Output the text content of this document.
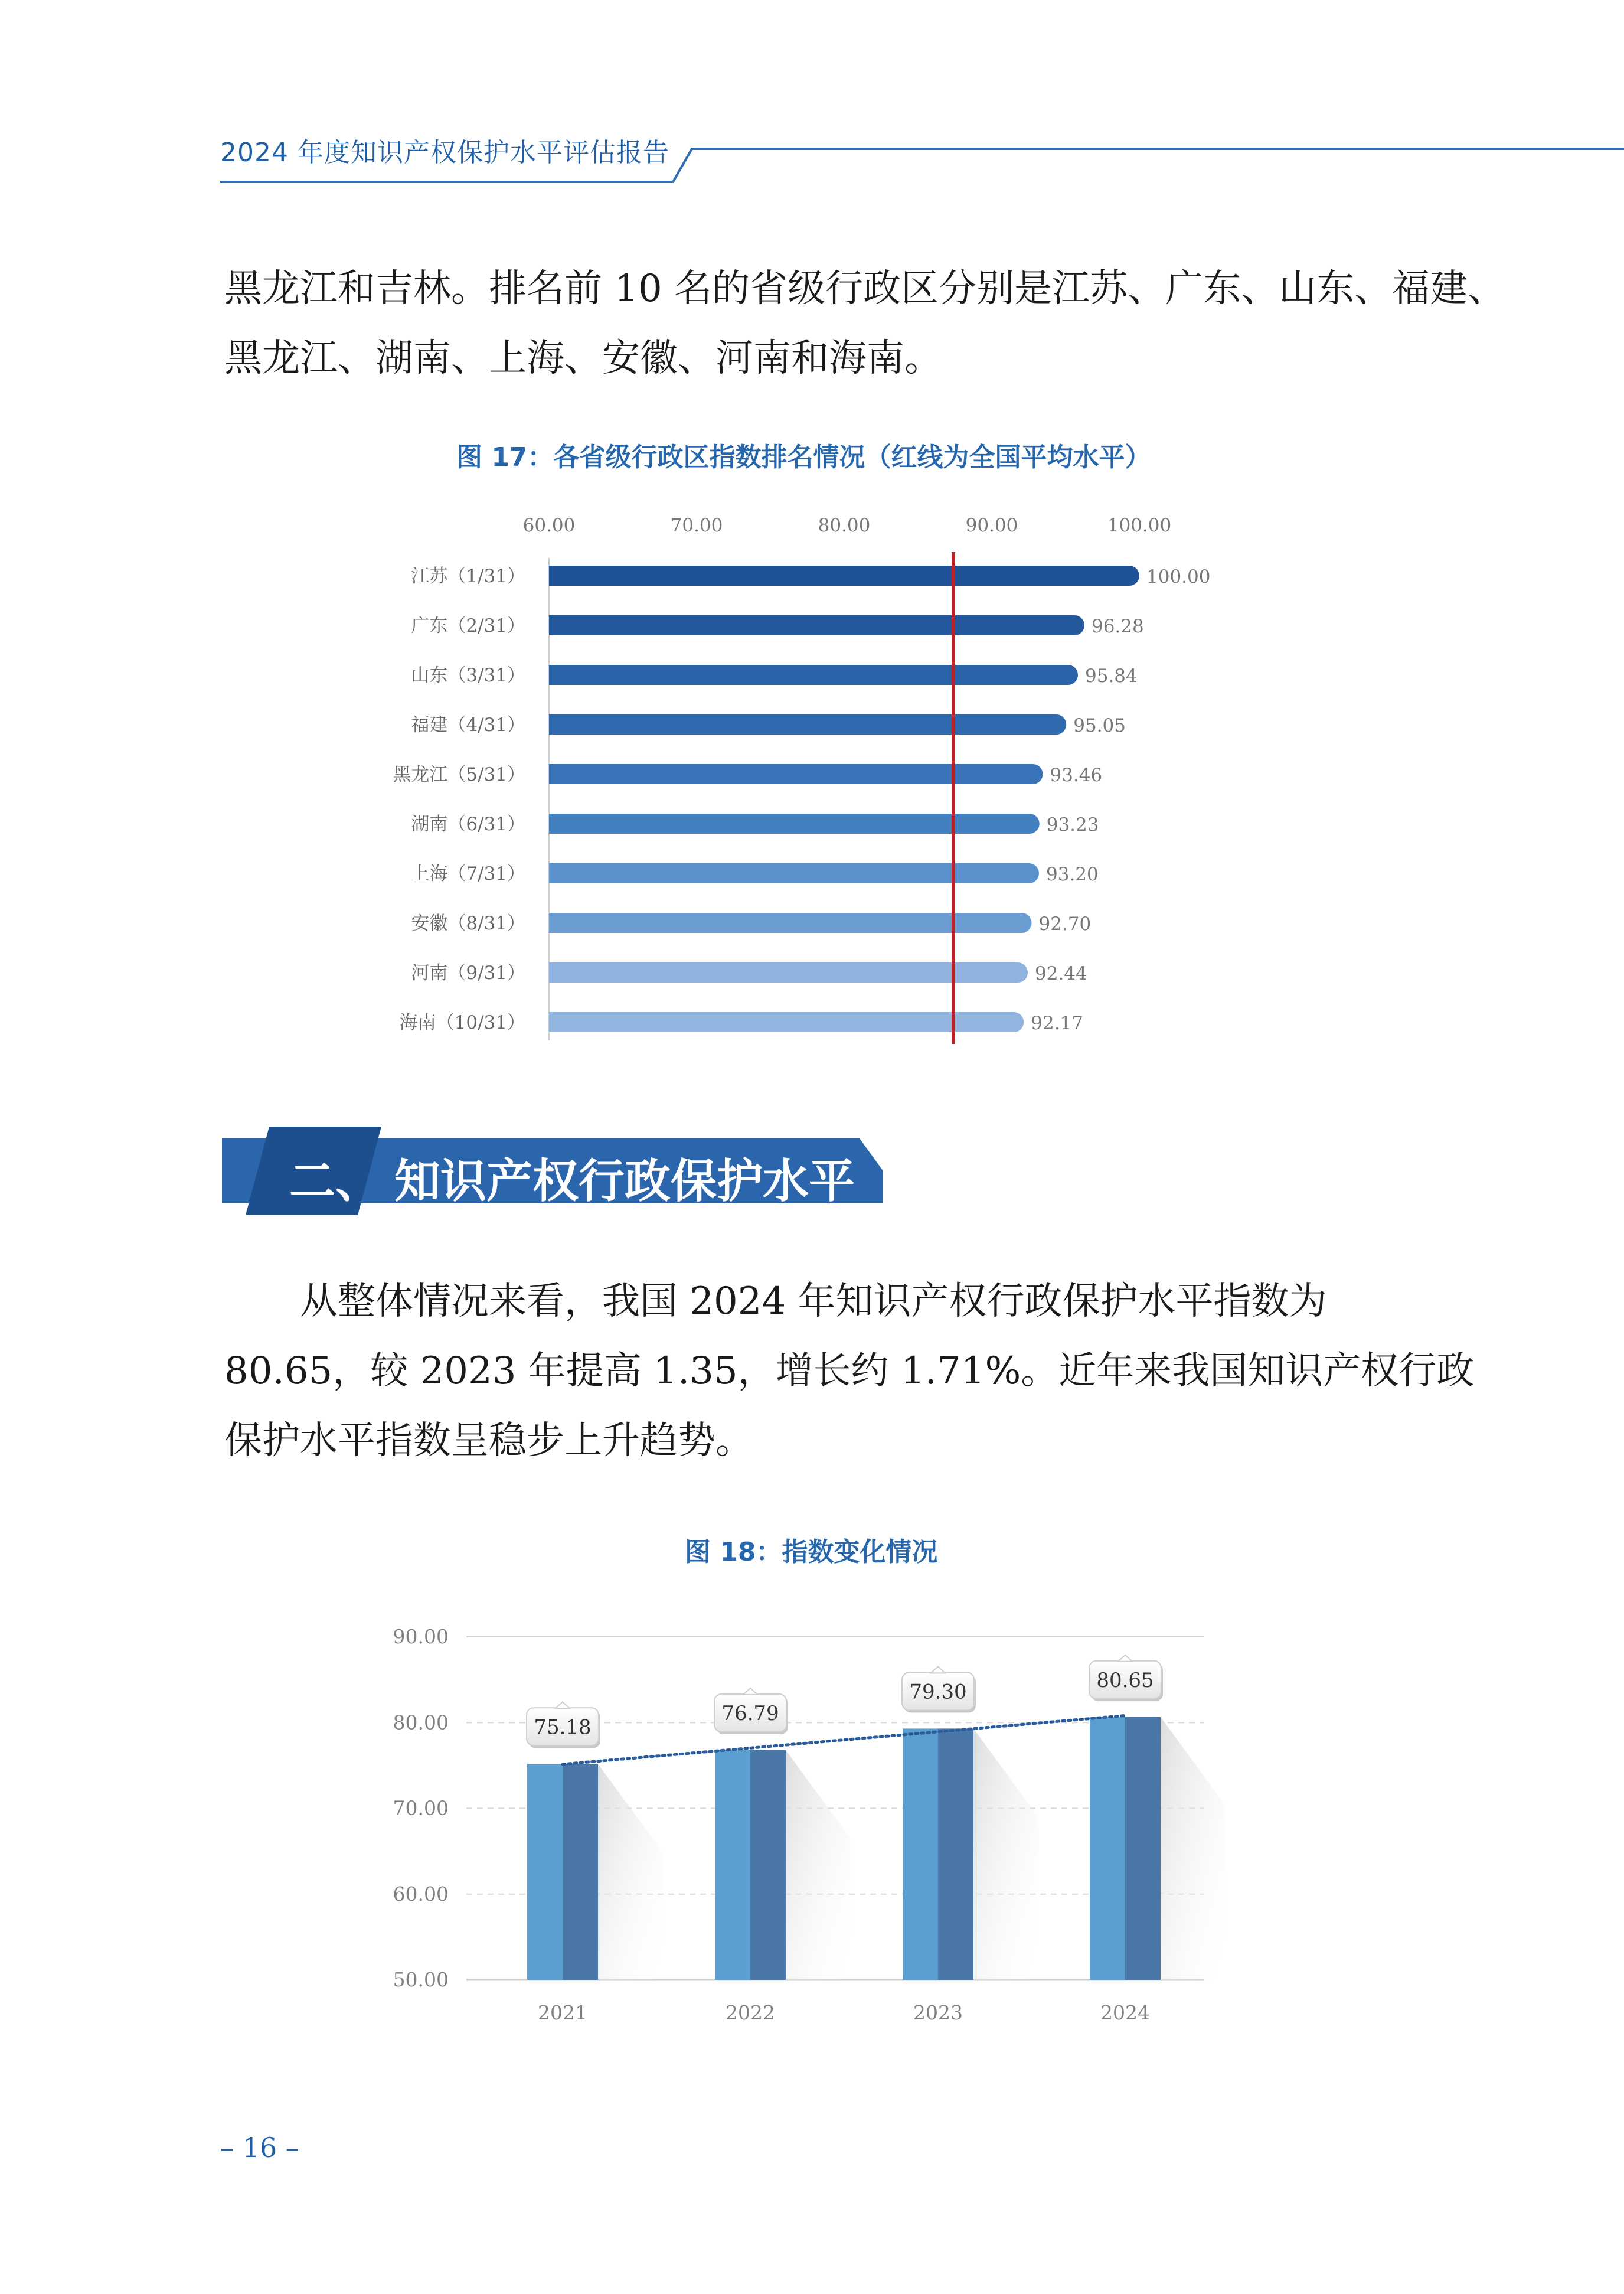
2024 年度知识产权保护水平评估报告
黑龙江和吉林。排名前 10 名的省级行政区分别是江苏、广东、山东、福建、
黑龙江、湖南、上海、安徽、河南和海南。
图 17：各省级行政区指数排名情况（红线为全国平均水平）
60.00	70.00	80.00	90.00	100.00
江苏（1/31）	100.00
广东（2/31）	96.28
山东（3/31）	95.84
福建（4/31）	95.05
黑龙江（5/31）	93.46
湖南（6/31）	93.23
上海（7/31）	93.20
安徽（8/31）	92.70
河南（9/31）	92.44
海南（10/31）	92.17
二、 知识产权行政保护水平
从整体情况来看，我国 2024 年知识产权行政保护水平指数为
80.65，较 2023 年提高 1.35，增长约 1.71%。近年来我国知识产权行政
保护水平指数呈稳步上升趋势。
图 18：指数变化情况
50.00
60.00
70.00
80.00
90.00
75.18
2021
76.79
2022
79.30
2023
80.65
2024
– 16 –
